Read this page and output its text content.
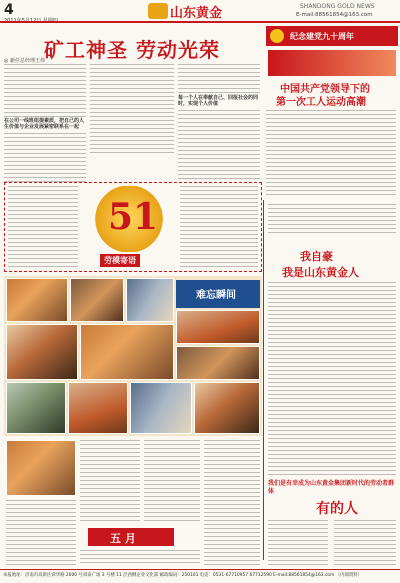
4	山东黄金	SHANDONG GOLD NEWS
E-mail:88561854@163.com
矿工神圣 劳动光荣
◎ 新任总经理王伟
在公司一线班组提素质，把自己的人生价值与企业发展紧密联系在一起
每一个人在奉献自己、回报社会的同时，实现个人价值
纪念建党九十周年
中国共产党领导下的
第一次工人运动高潮
51
劳模寄语	我自豪
我是山东黄金人
难忘瞬间
五 月
我们是有幸成为山东黄金集团新时代的劳动者群体
有的人
本报地址：济南市高新区舜华路 2000 号舜泰广场 3 号楼 11 层西侧企业文化部 邮政编码：250101 电话：0531-67710957 67712590 E-mail:88561854@163.com （内部资料）
